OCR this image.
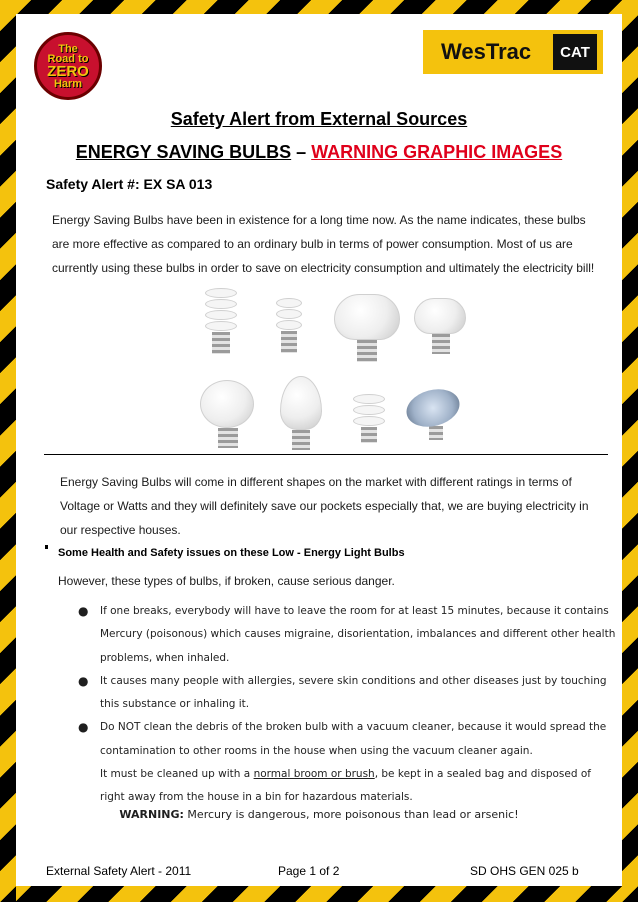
The
Road to
ZERO
Harm
WesTrac	CAT
Safety Alert from External Sources
ENERGY SAVING BULBS – WARNING GRAPHIC IMAGES
Safety Alert #: EX SA 013
Energy Saving Bulbs have been in existence for a long time now. As the name indicates, these bulbs are more effective as compared to an ordinary bulb in terms of power consumption. Most of us are currently using these bulbs in order to save on electricity consumption and ultimately the electricity bill!
Energy Saving Bulbs will come in different shapes on the market with different ratings in terms of Voltage or Watts and they will definitely save our pockets especially that, we are buying electricity in our respective houses.
Some Health and Safety issues on these Low - Energy Light Bulbs
However, these types of bulbs, if broken, cause serious danger.
● If one breaks, everybody will have to leave the room for at least 15 minutes, because it contains Mercury (poisonous) which causes migraine, disorientation, imbalances and different other health problems, when inhaled.
● It causes many people with allergies, severe skin conditions and other diseases just by touching this substance or inhaling it.
● Do NOT clean the debris of the broken bulb with a vacuum cleaner, because it would spread the contamination to other rooms in the house when using the vacuum cleaner again.
It must be cleaned up with a normal broom or brush, be kept in a sealed bag and disposed of right away from the house in a bin for hazardous materials.
WARNING: Mercury is dangerous, more poisonous than lead or arsenic!
External Safety Alert - 2011	Page 1 of 2	SD OHS GEN 025 b
